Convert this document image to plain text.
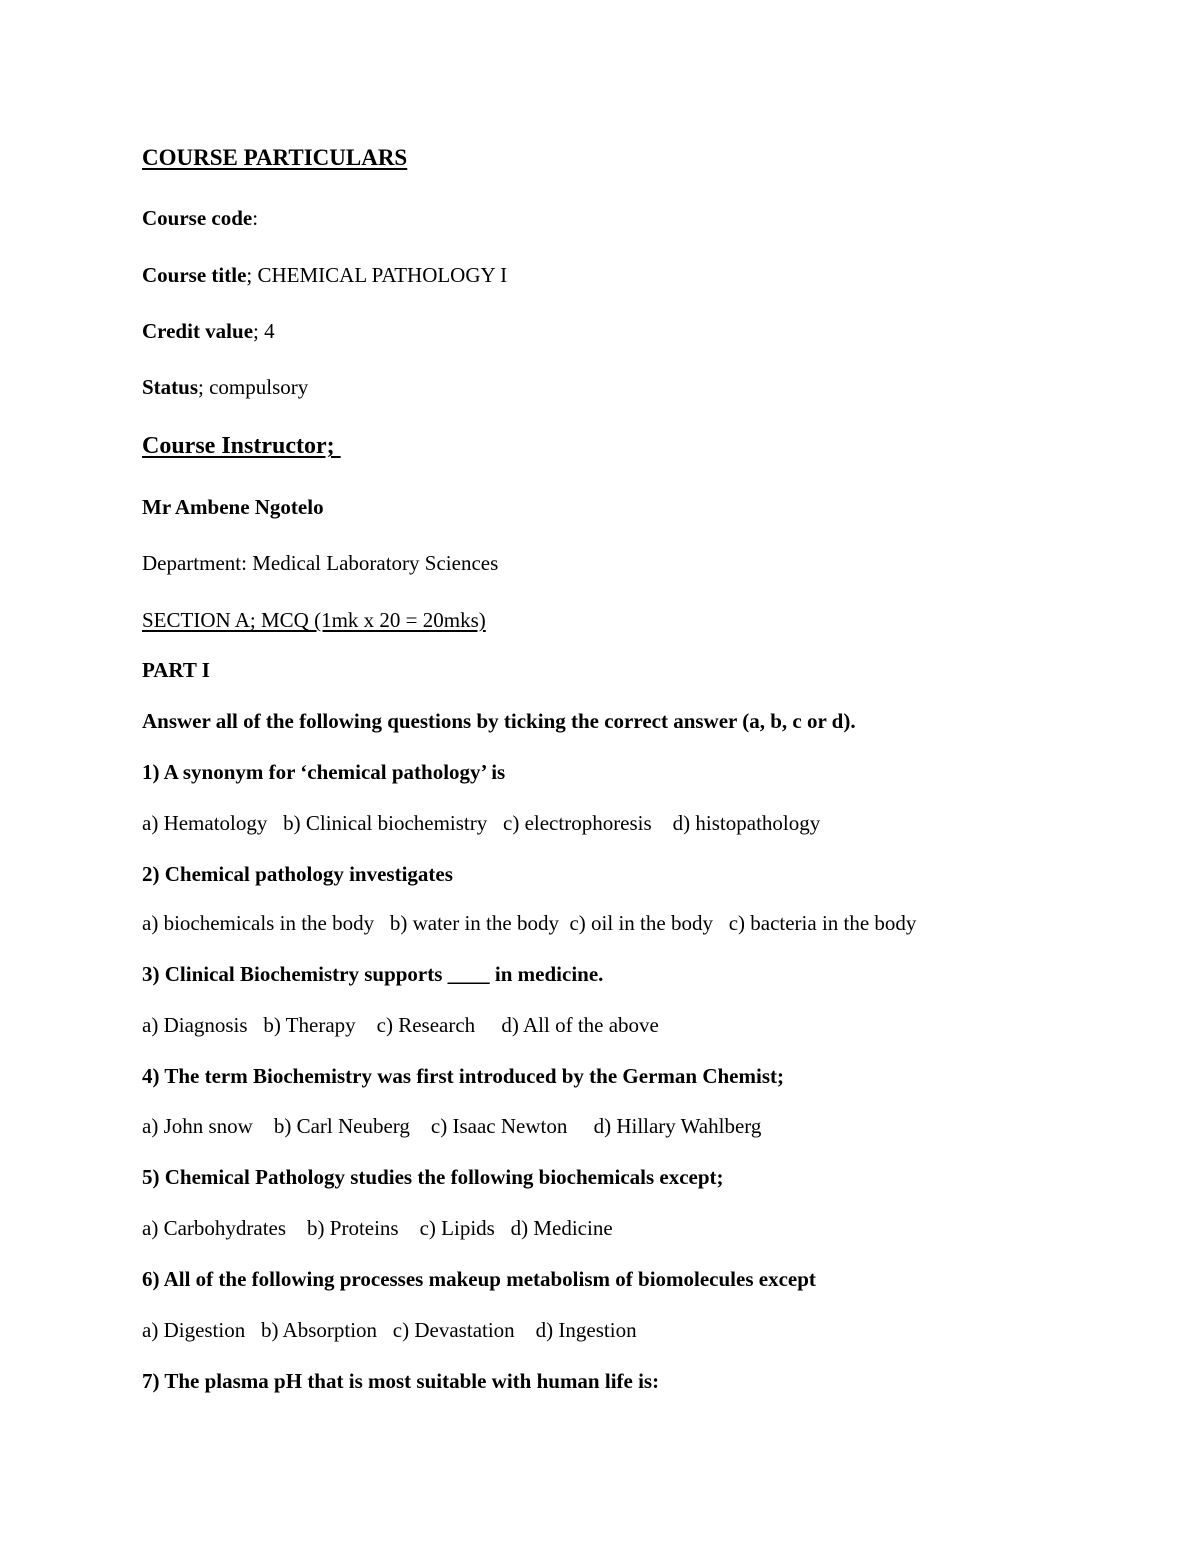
COURSE PARTICULARS
Course code:
Course title; CHEMICAL PATHOLOGY I
Credit value; 4
Status; compulsory
Course Instructor;
Mr Ambene Ngotelo
Department: Medical Laboratory Sciences
SECTION A; MCQ (1mk x 20 = 20mks)
PART I
Answer all of the following questions by ticking the correct answer (a, b, c or d).
1) A synonym for ‘chemical pathology’ is
a) Hematology   b) Clinical biochemistry   c) electrophoresis    d) histopathology
2) Chemical pathology investigates
a) biochemicals in the body   b) water in the body  c) oil in the body   c) bacteria in the body
3) Clinical Biochemistry supports ____ in medicine.
a) Diagnosis   b) Therapy    c) Research     d) All of the above
4) The term Biochemistry was first introduced by the German Chemist;
a) John snow    b) Carl Neuberg    c) Isaac Newton     d) Hillary Wahlberg
5) Chemical Pathology studies the following biochemicals except;
a) Carbohydrates    b) Proteins    c) Lipids   d) Medicine
6) All of the following processes makeup metabolism of biomolecules except
a) Digestion   b) Absorption   c) Devastation    d) Ingestion
7) The plasma pH that is most suitable with human life is:
